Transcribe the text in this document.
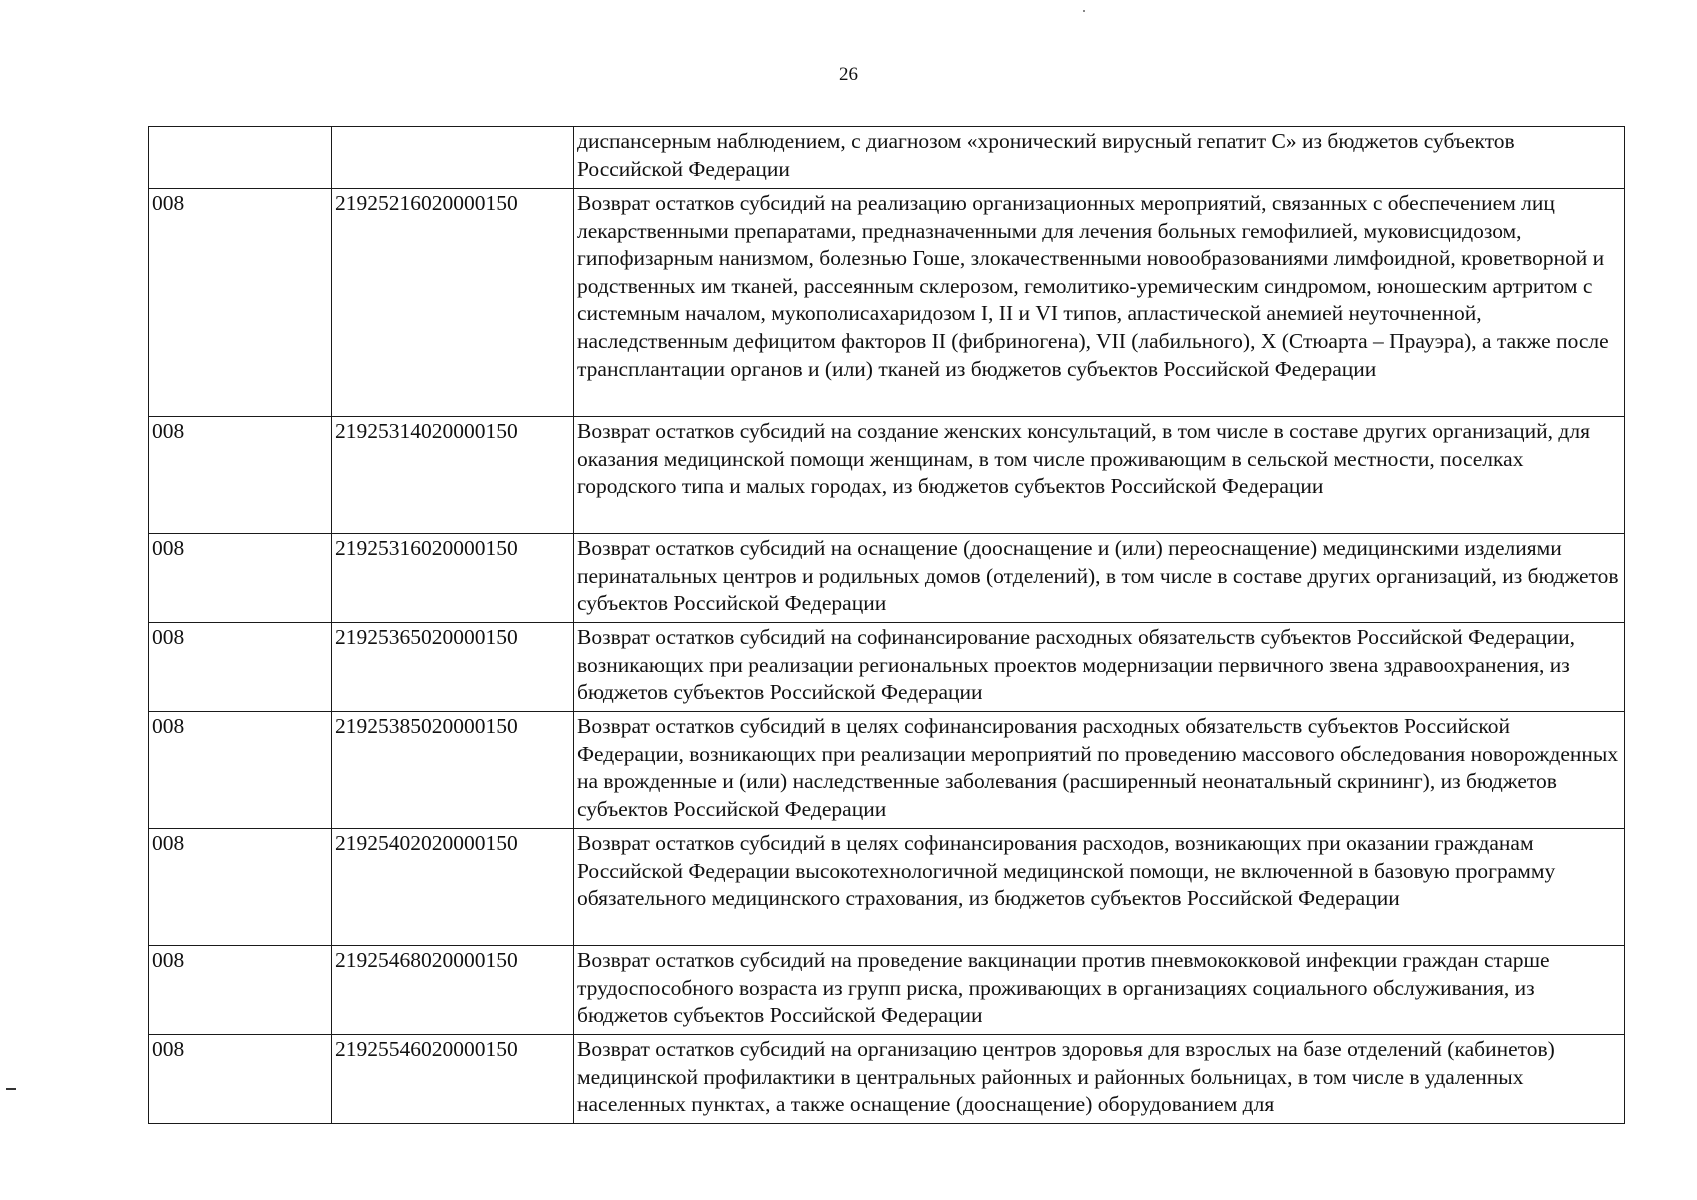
26
		диспансерным наблюдением, с диагнозом «хронический вирусный гепатит С» из бюджетов субъектов Российской Федерации
008	21925216020000150	Возврат остатков субсидий на реализацию организационных мероприятий, связанных с обеспечением лиц лекарственными препаратами, предназначенными для лечения больных гемофилией, муковисцидозом, гипофизарным нанизмом, болезнью Гоше, злокачественными новообразованиями лимфоидной, кроветворной и родственных им тканей, рассеянным склерозом, гемолитико-уремическим синдромом, юношеским артритом с системным началом, мукополисахаридозом I, II и VI типов, апластической анемией неуточненной, наследственным дефицитом факторов II (фибриногена), VII (лабильного), X (Стюарта – Прауэра), а также после трансплантации органов и (или) тканей из бюджетов субъектов Российской Федерации
008	21925314020000150	Возврат остатков субсидий на создание женских консультаций, в том числе в составе других организаций, для оказания медицинской помощи женщинам, в том числе проживающим в сельской местности, поселках городского типа и малых городах, из бюджетов субъектов Российской Федерации
008	21925316020000150	Возврат остатков субсидий на оснащение (дооснащение и (или) переоснащение) медицинскими изделиями перинатальных центров и родильных домов (отделений), в том числе в составе других организаций, из бюджетов субъектов Российской Федерации
008	21925365020000150	Возврат остатков субсидий на софинансирование расходных обязательств субъектов Российской Федерации, возникающих при реализации региональных проектов модернизации первичного звена здравоохранения, из бюджетов субъектов Российской Федерации
008	21925385020000150	Возврат остатков субсидий в целях софинансирования расходных обязательств субъектов Российской Федерации, возникающих при реализации мероприятий по проведению массового обследования новорожденных на врожденные и (или) наследственные заболевания (расширенный неонатальный скрининг), из бюджетов субъектов Российской Федерации
008	21925402020000150	Возврат остатков субсидий в целях софинансирования расходов, возникающих при оказании гражданам Российской Федерации высокотехнологичной медицинской помощи, не включенной в базовую программу обязательного медицинского страхования, из бюджетов субъектов Российской Федерации
008	21925468020000150	Возврат остатков субсидий на проведение вакцинации против пневмококковой инфекции граждан старше трудоспособного возраста из групп риска, проживающих в организациях социального обслуживания, из бюджетов субъектов Российской Федерации
008	21925546020000150	Возврат остатков субсидий на организацию центров здоровья для взрослых на базе отделений (кабинетов) медицинской профилактики в центральных районных и районных больницах, в том числе в удаленных населенных пунктах, а также оснащение (дооснащение) оборудованием для
